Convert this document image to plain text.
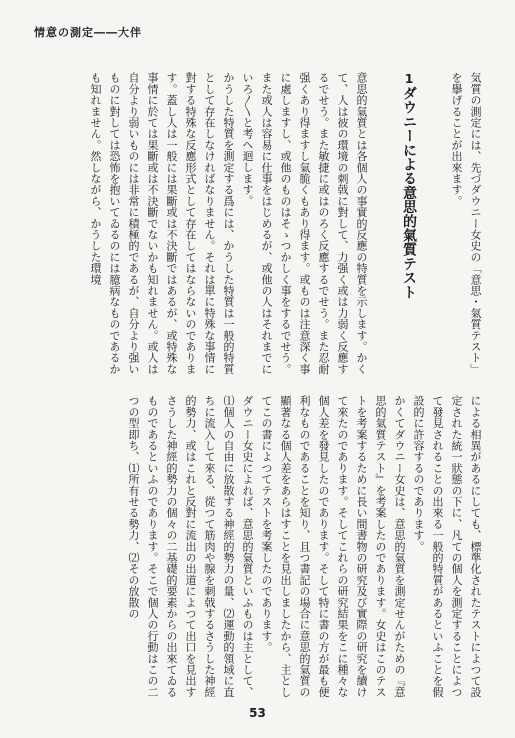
情意の測定――大伴
気質の測定には、先づダウニー女史の「意思・氣質テスト」を擧げることが出來ます。

1ダウニーによる意思的氣質テスト

意思的氣質とは各個人の事實的反應の特質を示します。かくて、人は彼の環境の刺戟に對して、力强く或は力弱く反應するでせう。また敏捷に或はのろく反應するでせう。また忍耐强くあり得ますし氣脆くもあり得ます。或ものは注意深く事に處しますし、或他のものはそゝつかしく事をするでせう。また或人は容易に仕事をはじめるが、或他の人はそれまでにいろ〳〵と考へ迴します。
かうした特質を測定する爲には、かうした特質は一般的特質として存在しなければなりません。それは單に特殊な事情に對する特殊な反應形式として存在してはならないのであります。蓋し人は一般には果斷或は不決斷ではあるが、或特殊な事情に於ては果斷或は不決斷でないかも知れません。或人は自分より弱いものには非常に積極的であるが、自分より强いものに對しては恐怖を抱いてゐるのには臆病なものであるかも知れません。然しながら、かうした環境
による相異があるにしても、標準化されたテストによつて設定された統一狀態の下に、凡ての個人を測定することによつて發見されることの出來る一般的特質があるといふことを假設的に許容するのであります。
かくてダウニー女史は、意思的氣質を測定せんがための『意思的氣質テスト』を考案したのであります。女史はこのテストを考案するために長い間書物の研究及び實際の研究を續けて來たのであります。そしてこれらの研究結果をこに種々な個人差を發見したのであります。そして特に書の方が最も便利なものであることを知り、且つ書記の場合に意思的氣質の顯著なる個人差をあらはすことを見出しましたから、主としてこの書によつてテストを考案したのであります。
ダウニー女史によれば、意思的氣質といふものは主として、⑴個人の自由に放散する神經的勢力の量、⑵運動的領域に直ちに流入して來る、從つて筋肉や腺を刺戟するさうした神經的勢力、或はこれと反對に流出の出道によつて出口を見出すさうした神經的勢力の個々の二基礎的要素からの出來てゐるものであるといふのであります。そこで個人の行動はこの二つの型即ち、⑴所有せる勢力、⑵その放散の
53
